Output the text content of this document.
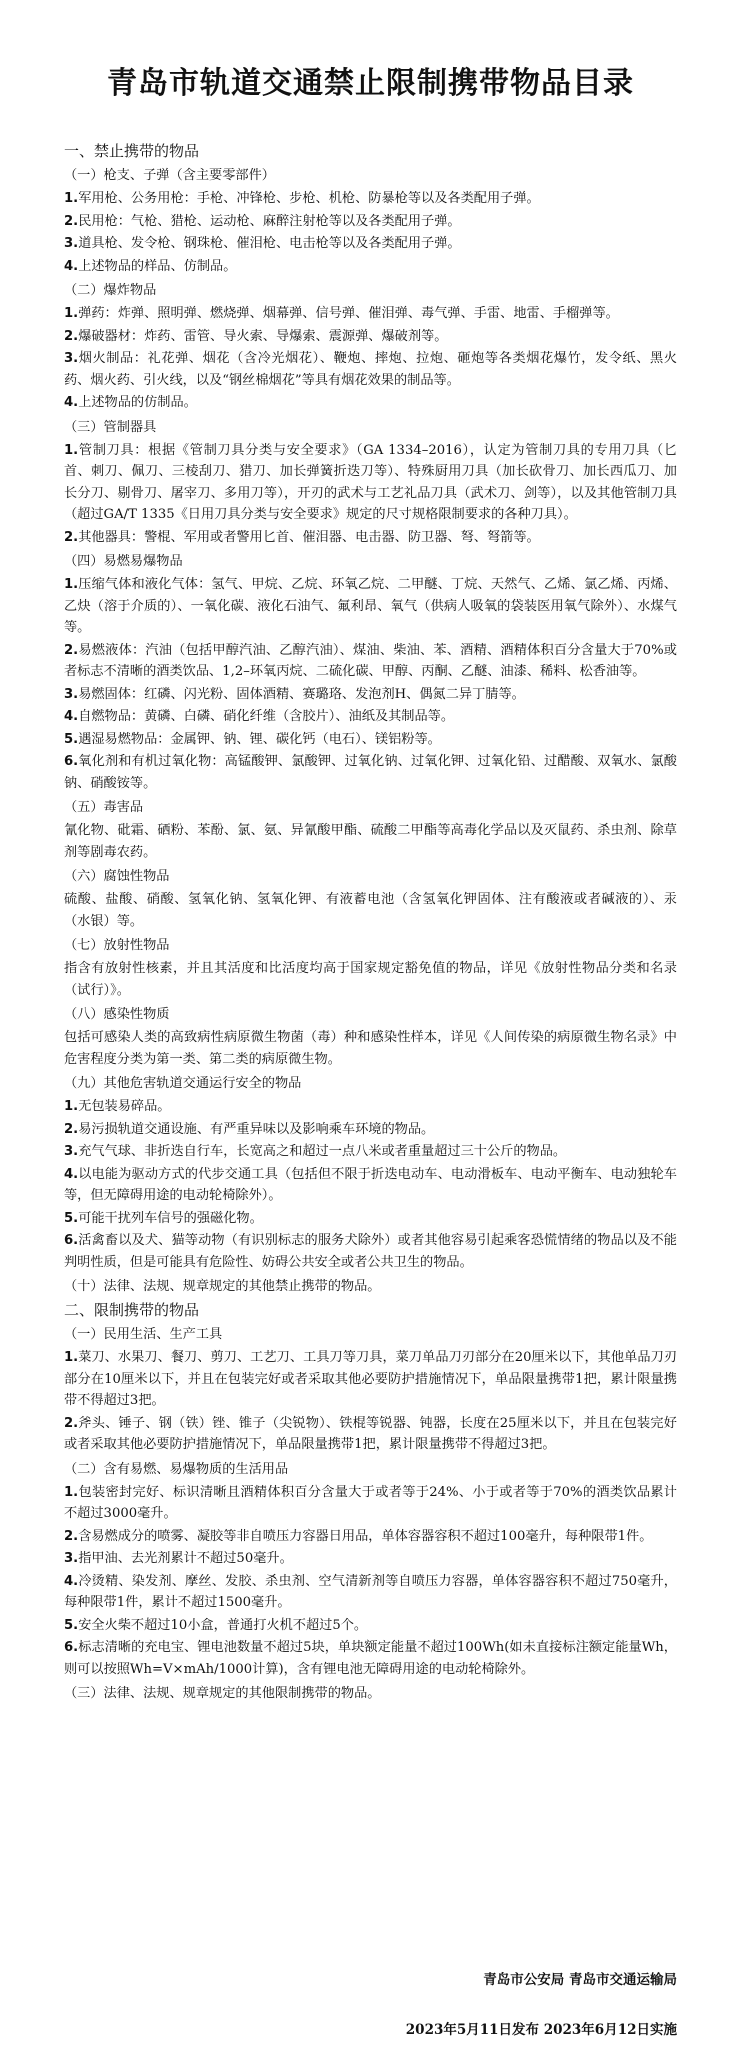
青岛市轨道交通禁止限制携带物品目录
一、禁止携带的物品
（一）枪支、子弹（含主要零部件）
1.军用枪、公务用枪：手枪、冲锋枪、步枪、机枪、防暴枪等以及各类配用子弹。
2.民用枪：气枪、猎枪、运动枪、麻醉注射枪等以及各类配用子弹。
3.道具枪、发令枪、钢珠枪、催泪枪、电击枪等以及各类配用子弹。
4.上述物品的样品、仿制品。
（二）爆炸物品
1.弹药：炸弹、照明弹、燃烧弹、烟幕弹、信号弹、催泪弹、毒气弹、手雷、地雷、手榴弹等。
2.爆破器材：炸药、雷管、导火索、导爆索、震源弹、爆破剂等。
3.烟火制品：礼花弹、烟花（含冷光烟花）、鞭炮、摔炮、拉炮、砸炮等各类烟花爆竹，发令纸、黑火药、烟火药、引火线，以及“钢丝棉烟花”等具有烟花效果的制品等。
4.上述物品的仿制品。
（三）管制器具
1.管制刀具：根据《管制刀具分类与安全要求》（GA 1334–2016），认定为管制刀具的专用刀具（匕首、刺刀、佩刀、三棱刮刀、猎刀、加长弹簧折迭刀等）、特殊厨用刀具（加长砍骨刀、加长西瓜刀、加长分刀、剔骨刀、屠宰刀、多用刀等），开刃的武术与工艺礼品刀具（武术刀、剑等），以及其他管制刀具（超过GA/T 1335《日用刀具分类与安全要求》规定的尺寸规格限制要求的各种刀具）。
2.其他器具：警棍、军用或者警用匕首、催泪器、电击器、防卫器、弩、弩箭等。
（四）易燃易爆物品
1.压缩气体和液化气体：氢气、甲烷、乙烷、环氧乙烷、二甲醚、丁烷、天然气、乙烯、氯乙烯、丙烯、乙炔（溶于介质的）、一氧化碳、液化石油气、氟利昂、氧气（供病人吸氧的袋装医用氧气除外）、水煤气等。
2.易燃液体：汽油（包括甲醇汽油、乙醇汽油）、煤油、柴油、苯、酒精、酒精体积百分含量大于70%或者标志不清晰的酒类饮品、1,2–环氧丙烷、二硫化碳、甲醇、丙酮、乙醚、油漆、稀料、松香油等。
3.易燃固体：红磷、闪光粉、固体酒精、赛璐珞、发泡剂H、偶氮二异丁腈等。
4.自燃物品：黄磷、白磷、硝化纤维（含胶片）、油纸及其制品等。
5.遇湿易燃物品：金属钾、钠、锂、碳化钙（电石）、镁铝粉等。
6.氧化剂和有机过氧化物：高锰酸钾、氯酸钾、过氧化钠、过氧化钾、过氧化铅、过醋酸、双氧水、氯酸钠、硝酸铵等。
（五）毒害品
氰化物、砒霜、硒粉、苯酚、氯、氨、异氰酸甲酯、硫酸二甲酯等高毒化学品以及灭鼠药、杀虫剂、除草剂等剧毒农药。
（六）腐蚀性物品
硫酸、盐酸、硝酸、氢氧化钠、氢氧化钾、有液蓄电池（含氢氧化钾固体、注有酸液或者碱液的）、汞（水银）等。
（七）放射性物品
指含有放射性核素，并且其活度和比活度均高于国家规定豁免值的物品，详见《放射性物品分类和名录（试行）》。
（八）感染性物质
包括可感染人类的高致病性病原微生物菌（毒）种和感染性样本，详见《人间传染的病原微生物名录》中危害程度分类为第一类、第二类的病原微生物。
（九）其他危害轨道交通运行安全的物品
1.无包装易碎品。
2.易污损轨道交通设施、有严重异味以及影响乘车环境的物品。
3.充气气球、非折迭自行车，长宽高之和超过一点八米或者重量超过三十公斤的物品。
4.以电能为驱动方式的代步交通工具（包括但不限于折迭电动车、电动滑板车、电动平衡车、电动独轮车等，但无障碍用途的电动轮椅除外）。
5.可能干扰列车信号的强磁化物。
6.活禽畜以及犬、猫等动物（有识别标志的服务犬除外）或者其他容易引起乘客恐慌情绪的物品以及不能判明性质，但是可能具有危险性、妨碍公共安全或者公共卫生的物品。
（十）法律、法规、规章规定的其他禁止携带的物品。
二、限制携带的物品
（一）民用生活、生产工具
1.菜刀、水果刀、餐刀、剪刀、工艺刀、工具刀等刀具，菜刀单品刀刃部分在20厘米以下，其他单品刀刃部分在10厘米以下，并且在包装完好或者采取其他必要防护措施情况下，单品限量携带1把，累计限量携带不得超过3把。
2.斧头、锤子、钢（铁）锉、锥子（尖锐物）、铁棍等锐器、钝器，长度在25厘米以下，并且在包装完好或者采取其他必要防护措施情况下，单品限量携带1把，累计限量携带不得超过3把。
（二）含有易燃、易爆物质的生活用品
1.包装密封完好、标识清晰且酒精体积百分含量大于或者等于24%、小于或者等于70%的酒类饮品累计不超过3000毫升。
2.含易燃成分的喷雾、凝胶等非自喷压力容器日用品，单体容器容积不超过100毫升，每种限带1件。
3.指甲油、去光剂累计不超过50毫升。
4.冷烫精、染发剂、摩丝、发胶、杀虫剂、空气清新剂等自喷压力容器，单体容器容积不超过750毫升，每种限带1件，累计不超过1500毫升。
5.安全火柴不超过10小盒，普通打火机不超过5个。
6.标志清晰的充电宝、锂电池数量不超过5块，单块额定能量不超过100Wh(如未直接标注额定能量Wh，则可以按照Wh=V×mAh/1000计算)，含有锂电池无障碍用途的电动轮椅除外。
（三）法律、法规、规章规定的其他限制携带的物品。
青岛市公安局 青岛市交通运输局
2023年5月11日发布 2023年6月12日实施
